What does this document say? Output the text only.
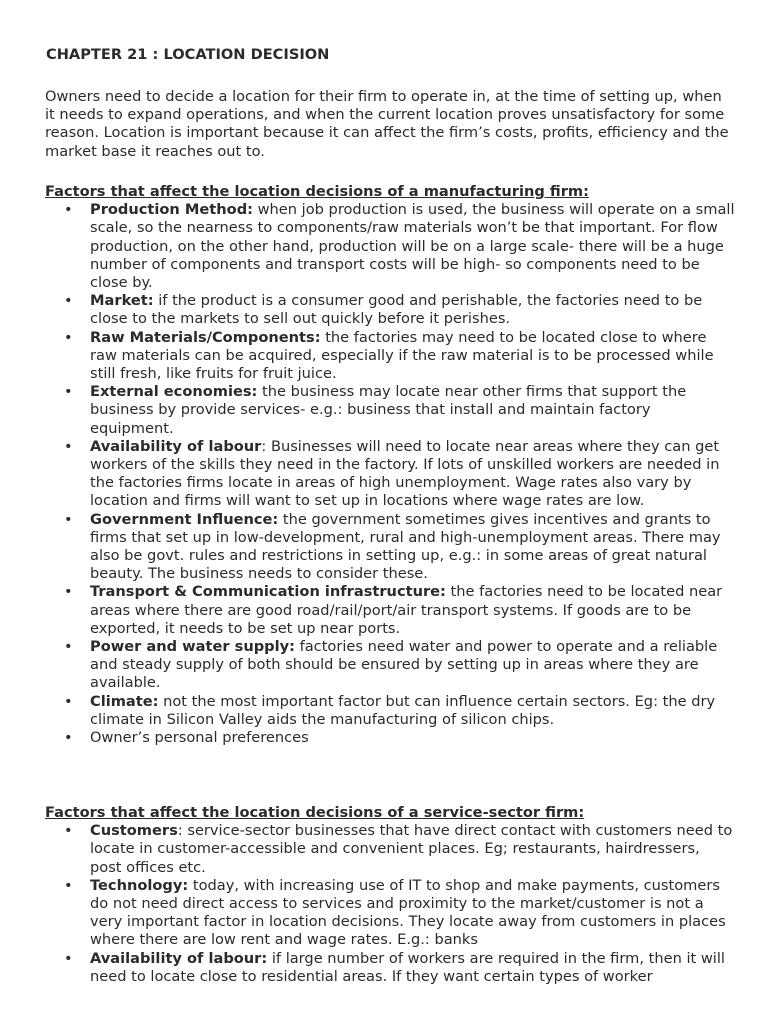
CHAPTER 21 : LOCATION DECISION

Owners need to decide a location for their firm to operate in, at the time of setting up, when it needs to expand operations, and when the current location proves unsatisfactory for some reason. Location is important because it can affect the firm’s costs, profits, efficiency and the market base it reaches out to.

Factors that affect the location decisions of a manufacturing firm:

• Production Method: when job production is used, the business will operate on a small scale, so the nearness to components/raw materials won’t be that important. For flow production, on the other hand, production will be on a large scale- there will be a huge number of components and transport costs will be high- so components need to be close by.
• Market: if the product is a consumer good and perishable, the factories need to be close to the markets to sell out quickly before it perishes.
• Raw Materials/Components: the factories may need to be located close to where raw materials can be acquired, especially if the raw material is to be processed while still fresh, like fruits for fruit juice.
• External economies: the business may locate near other firms that support the business by provide services- e.g.: business that install and maintain factory equipment.
• Availability of labour: Businesses will need to locate near areas where they can get workers of the skills they need in the factory. If lots of unskilled workers are needed in the factories firms locate in areas of high unemployment. Wage rates also vary by location and firms will want to set up in locations where wage rates are low.
• Government Influence: the government sometimes gives incentives and grants to firms that set up in low-development, rural and high-unemployment areas. There may also be govt. rules and restrictions in setting up, e.g.: in some areas of great natural beauty. The business needs to consider these.
• Transport & Communication infrastructure: the factories need to be located near areas where there are good road/rail/port/air transport systems. If goods are to be exported, it needs to be set up near ports.
• Power and water supply: factories need water and power to operate and a reliable and steady supply of both should be ensured by setting up in areas where they are available.
• Climate: not the most important factor but can influence certain sectors. Eg: the dry climate in Silicon Valley aids the manufacturing of silicon chips.
• Owner’s personal preferences

Factors that affect the location decisions of a service-sector firm:

• Customers: service-sector businesses that have direct contact with customers need to locate in customer-accessible and convenient places. Eg; restaurants, hairdressers, post offices etc.
• Technology: today, with increasing use of IT to shop and make payments, customers do not need direct access to services and proximity to the market/customer is not a very important factor in location decisions. They locate away from customers in places where there are low rent and wage rates. E.g.: banks
• Availability of labour: if large number of workers are required in the firm, then it will need to locate close to residential areas. If they want certain types of worker
